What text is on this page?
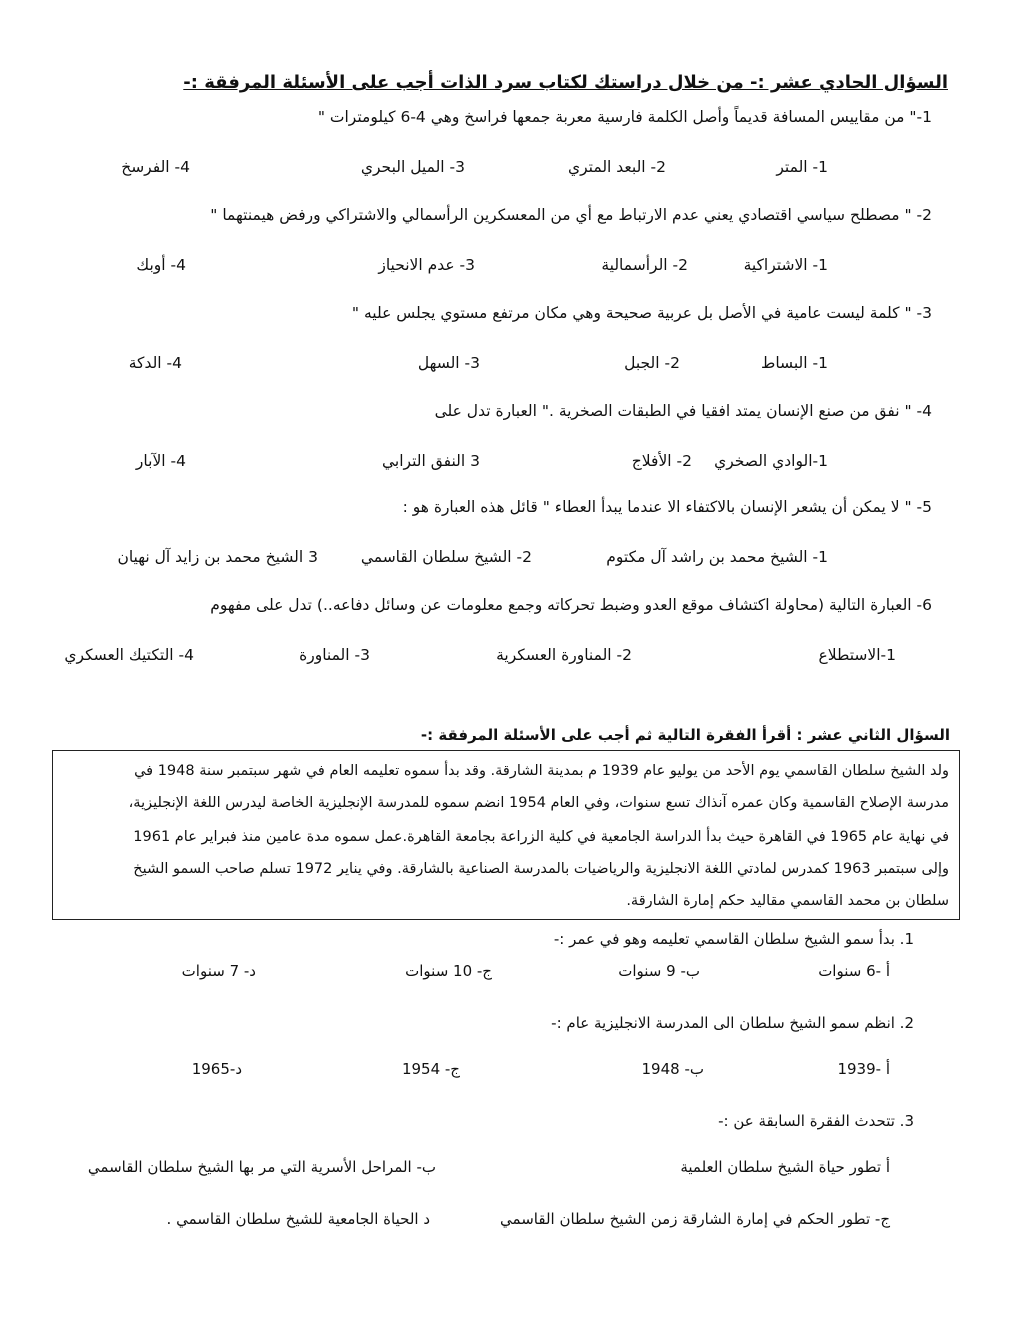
السؤال الحادي عشر :- من خلال دراستك لكتاب سرد الذات أجب على الأسئلة المرفقة :-
1-" من مقاييس المسافة قديماً وأصل الكلمة فارسية معربة جمعها فراسخ وهي 4-6 كيلومترات "
1- المتر
2- البعد المتري
3- الميل البحري
4- الفرسخ
2- " مصطلح سياسي اقتصادي يعني عدم الارتباط مع أي من المعسكرين الرأسمالي والاشتراكي ورفض هيمنتهما "
1- الاشتراكية
2- الرأسمالية
3- عدم الانحياز
4- أوبك
3- " كلمة ليست عامية في الأصل بل عربية صحيحة وهي مكان مرتفع مستوي يجلس عليه "
1- البساط
2- الجبل
3- السهل
4- الدكة
4- " نفق من صنع الإنسان يمتد افقيا في الطبقات الصخرية ." العبارة تدل على
1-الوادي الصخري
2- الأفلاج
3 النفق الترابي
4- الآبار
5- " لا يمكن أن يشعر الإنسان بالاكتفاء الا عندما يبدأ العطاء " قائل هذه العبارة هو :
1- الشيخ محمد بن راشد آل مكتوم
2- الشيخ سلطان القاسمي
3 الشيخ محمد بن زايد آل نهيان
6- العبارة التالية (محاولة اكتشاف موقع العدو وضبط تحركاته وجمع معلومات عن وسائل دفاعه..) تدل على مفهوم
1-الاستطلاع
2- المناورة العسكرية
3- المناورة
4- التكتيك العسكري
السؤال الثاني عشر : أقرأ الفقرة التالية ثم أجب على الأسئلة المرفقة :-

ولد الشيخ سلطان القاسمي يوم الأحد من يوليو عام 1939 م بمدينة الشارقة. وقد بدأ سموه تعليمه العام في شهر سبتمبر سنة 1948 في

مدرسة الإصلاح القاسمية وكان عمره آنذاك تسع سنوات، وفي العام 1954 انضم سموه للمدرسة الإنجليزية الخاصة ليدرس اللغة الإنجليزية،

في نهاية عام 1965 في القاهرة حيث بدأ الدراسة الجامعية في كلية الزراعة بجامعة القاهرة.عمل سموه مدة عامين منذ فبراير عام 1961

وإلى سبتمبر 1963 كمدرس لمادتي اللغة الانجليزية والرياضيات بالمدرسة الصناعية بالشارقة. وفي يناير 1972 تسلم صاحب السمو الشيخ

سلطان بن محمد القاسمي مقاليد حكم إمارة الشارقة.

1. بدأ سمو الشيخ سلطان القاسمي تعليمه وهو في عمر :-
أ -6 سنوات
ب- 9 سنوات
ج- 10 سنوات
د- 7 سنوات
2. انظم سمو الشيخ سلطان الى المدرسة الانجليزية عام :-
أ -1939
ب- 1948
ج- 1954
د-1965
3. تتحدث الفقرة السابقة عن :-
أ تطور حياة الشيخ سلطان العلمية
ب- المراحل الأسرية التي مر بها الشيخ سلطان القاسمي
ج- تطور الحكم في إمارة الشارقة زمن الشيخ سلطان القاسمي
د الحياة الجامعية للشيخ سلطان القاسمي .
